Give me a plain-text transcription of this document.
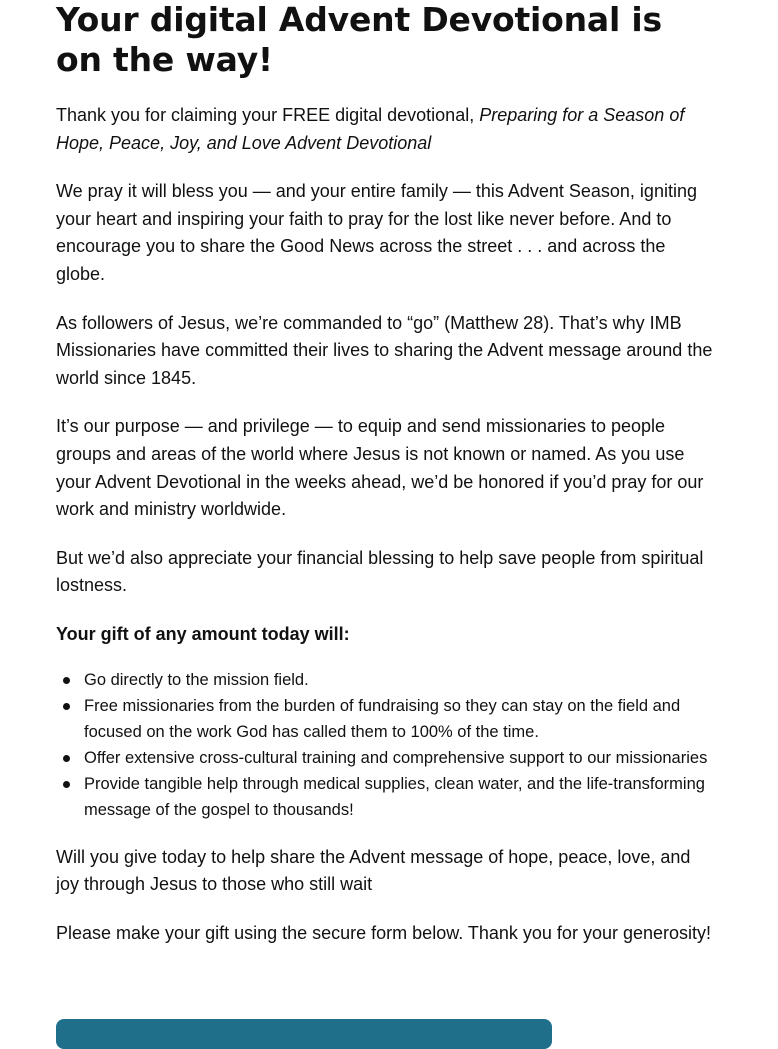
Your digital Advent Devotional is on the way!

Thank you for claiming your FREE digital devotional, Preparing for a Season of Hope, Peace, Joy, and Love Advent Devotional

We pray it will bless you — and your entire family — this Advent Season, igniting your heart and inspiring your faith to pray for the lost like never before. And to encourage you to share the Good News across the street . . . and across the globe.

As followers of Jesus, we’re commanded to “go” (Matthew 28). That’s why IMB Missionaries have committed their lives to sharing the Advent message around the world since 1845.

It’s our purpose — and privilege — to equip and send missionaries to people groups and areas of the world where Jesus is not known or named. As you use your Advent Devotional in the weeks ahead, we’d be honored if you’d pray for our work and ministry worldwide.

But we’d also appreciate your financial blessing to help save people from spiritual lostness.

Your gift of any amount today will:

Go directly to the mission field.
Free missionaries from the burden of fundraising so they can stay on the field and focused on the work God has called them to 100% of the time.
Offer extensive cross-cultural training and comprehensive support to our missionaries
Provide tangible help through medical supplies, clean water, and the life-transforming message of the gospel to thousands!

Will you give today to help share the Advent message of hope, peace, love, and joy through Jesus to those who still wait

Please make your gift using the secure form below. Thank you for your generosity!
